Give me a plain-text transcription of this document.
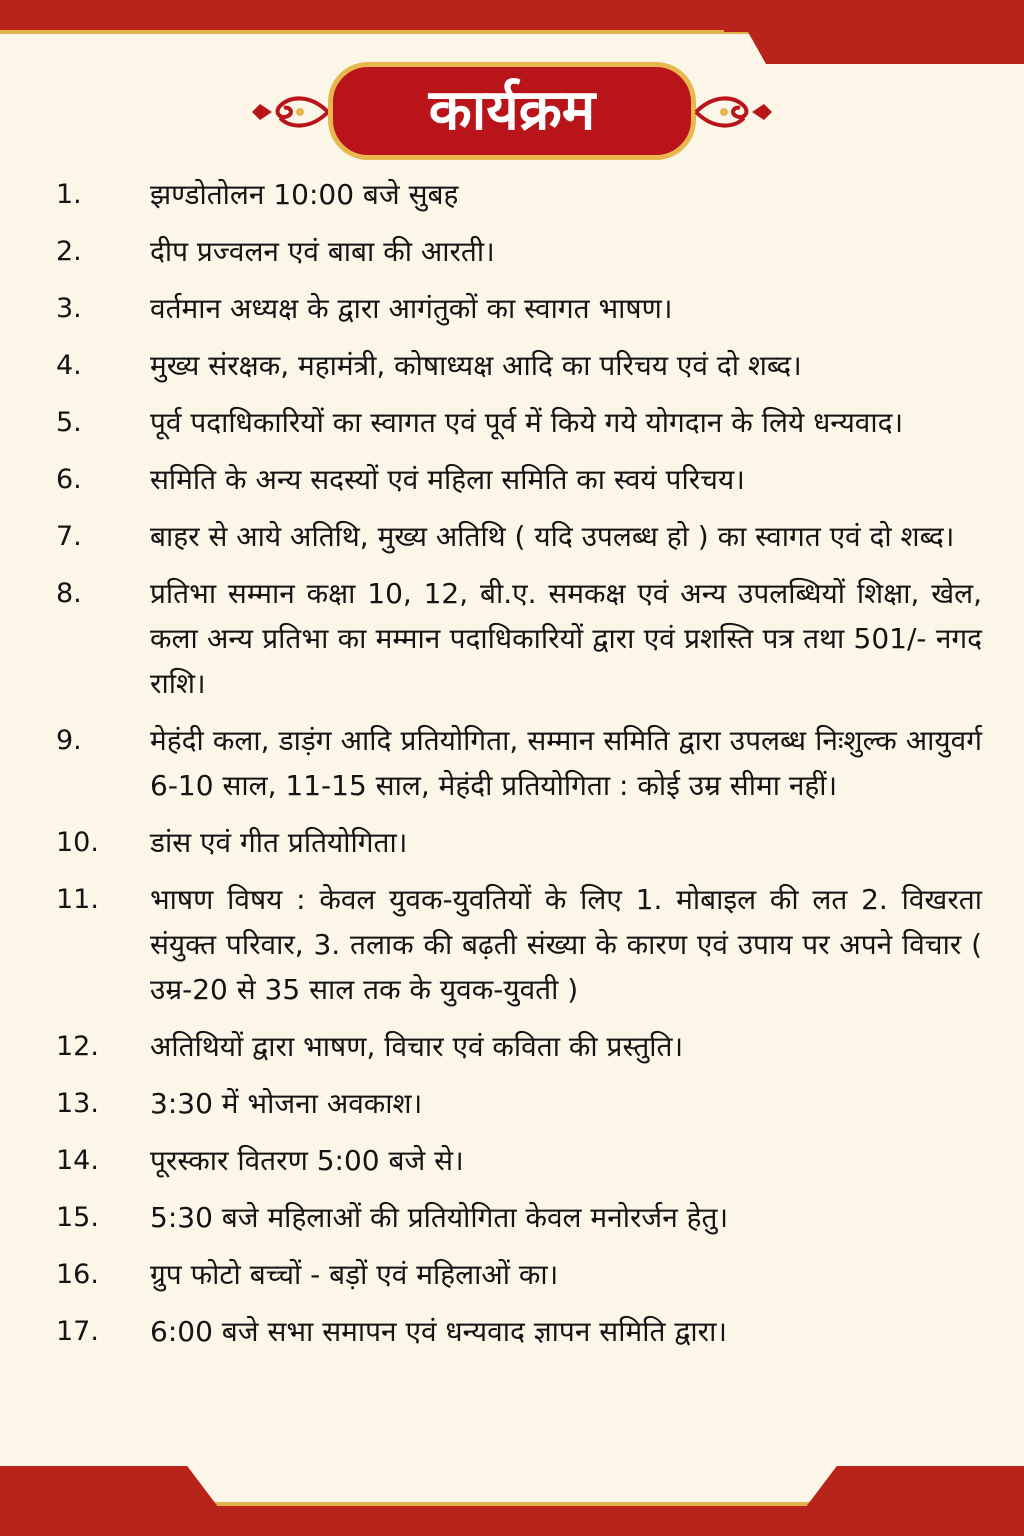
कार्यक्रम
1.	झण्डोतोलन 10:00 बजे सुबह
2.	दीप प्रज्वलन एवं बाबा की आरती।
3.	वर्तमान अध्यक्ष के द्वारा आगंतुकों का स्वागत भाषण।
4.	मुख्य संरक्षक, महामंत्री, कोषाध्यक्ष आदि का परिचय एवं दो शब्द।
5.	पूर्व पदाधिकारियों का स्वागत एवं पूर्व में किये गये योगदान के लिये धन्यवाद।
6.	समिति के अन्य सदस्यों एवं महिला समिति का स्वयं परिचय।
7.	बाहर से आये अतिथि, मुख्य अतिथि ( यदि उपलब्ध हो ) का स्वागत एवं दो शब्द।
8.	प्रतिभा सम्मान कक्षा 10, 12, बी.ए. समकक्ष एवं अन्य उपलब्धियों शिक्षा, खेल, कला अन्य प्रतिभा का मम्मान पदाधिकारियों द्वारा एवं प्रशस्ति पत्र तथा 501/- नगद राशि।
9.	मेहंदी कला, डाड़ंग आदि प्रतियोगिता, सम्मान समिति द्वारा उपलब्ध निःशुल्क आयुवर्ग 6-10 साल, 11-15 साल, मेहंदी प्रतियोगिता : कोई उम्र सीमा नहीं।
10.	डांस एवं गीत प्रतियोगिता।
11.	भाषण विषय : केवल युवक-युवतियों के लिए 1. मोबाइल की लत 2. विखरता संयुक्त परिवार, 3. तलाक की बढ़ती संख्या के कारण एवं उपाय पर अपने विचार ( उम्र-20 से 35 साल तक के युवक-युवती )
12.	अतिथियों द्वारा भाषण, विचार एवं कविता की प्रस्तुति।
13.	3:30 में भोजना अवकाश।
14.	पूरस्कार वितरण 5:00 बजे से।
15.	5:30 बजे महिलाओं की प्रतियोगिता केवल मनोरर्जन हेतु।
16.	ग्रुप फोटो बच्चों - बड़ों एवं महिलाओं का।
17.	6:00 बजे सभा समापन एवं धन्यवाद ज्ञापन समिति द्वारा।
